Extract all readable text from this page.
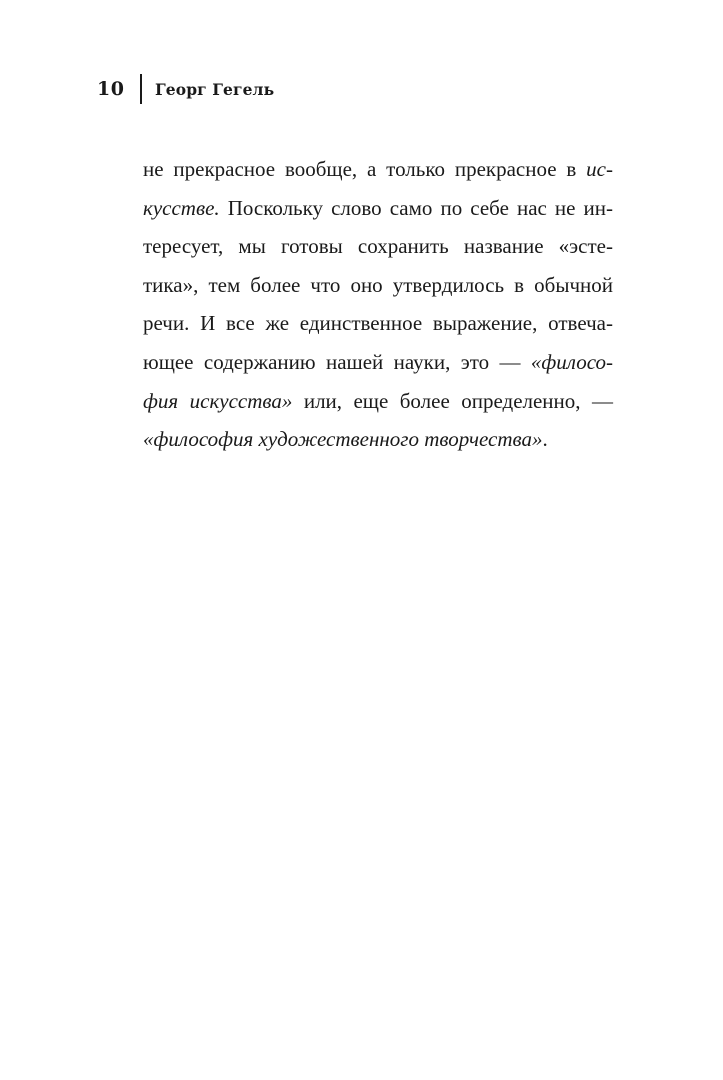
10 Георг Гегель
не прекрасное вообще, а только прекрасное в ис-
кусстве. Поскольку слово само по себе нас не ин-
тересует, мы готовы сохранить название «эсте-
тика», тем более что оно утвердилось в обычной
речи. И все же единственное выражение, отвеча-
ющее содержанию нашей науки, это — «филосо-
фия искусства» или, еще более определенно, —
«философия художественного творчества».
